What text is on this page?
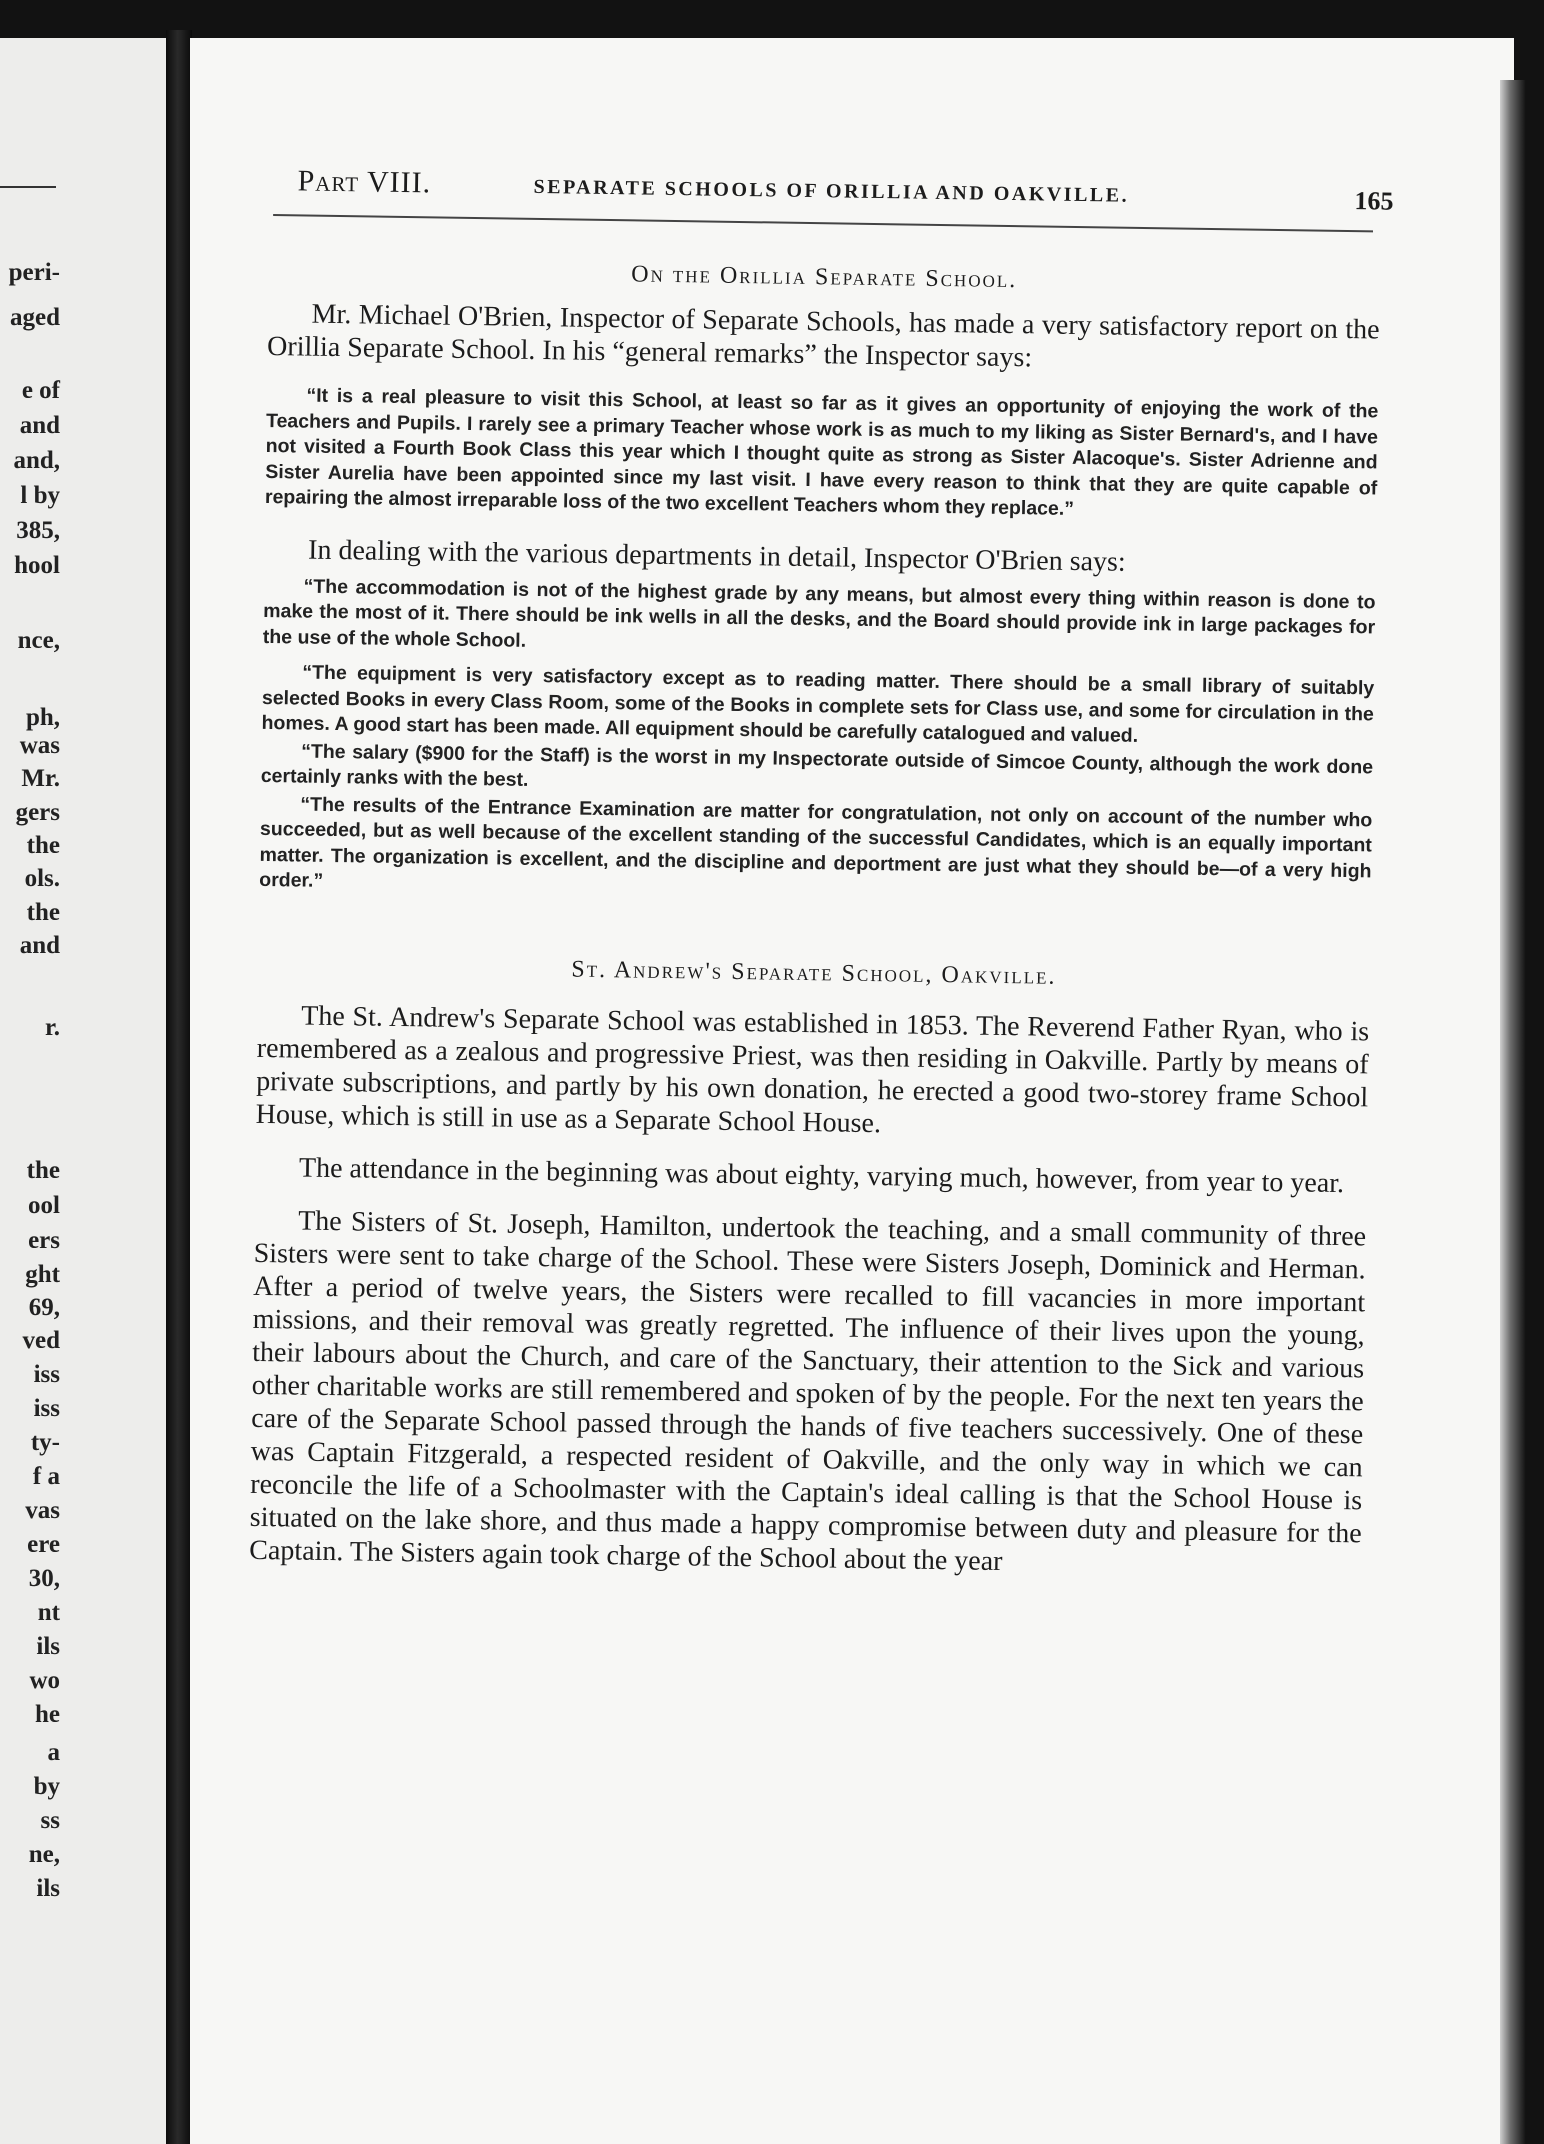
peri-
aged
e of
and
and,
l by
385,
hool
nce,
ph,
was
Mr.
gers
the
ols.
the
and
r.
the
ool
ers
ght
69,
ved
iss
iss
ty-
f a
vas
ere
30,
nt
ils
wo
he
a
by
ss
ne,
ils
Part VIII.	SEPARATE SCHOOLS OF ORILLIA AND OAKVILLE.	165
On the Orillia Separate School.

Mr. Michael O'Brien, Inspector of Separate Schools, has made a very satisfactory report on the Orillia Separate School. In his “general remarks” the Inspector says:

“It is a real pleasure to visit this School, at least so far as it gives an opportunity of enjoying the work of the Teachers and Pupils. I rarely see a primary Teacher whose work is as much to my liking as Sister Bernard's, and I have not visited a Fourth Book Class this year which I thought quite as strong as Sister Alacoque's. Sister Adrienne and Sister Aurelia have been appointed since my last visit. I have every reason to think that they are quite capable of repairing the almost irreparable loss of the two excellent Teachers whom they replace.”

In dealing with the various departments in detail, Inspector O'Brien says:

“The accommodation is not of the highest grade by any means, but almost every thing within reason is done to make the most of it. There should be ink wells in all the desks, and the Board should provide ink in large packages for the use of the whole School.

“The equipment is very satisfactory except as to reading matter. There should be a small library of suitably selected Books in every Class Room, some of the Books in complete sets for Class use, and some for circulation in the homes. A good start has been made. All equipment should be carefully catalogued and valued.

“The salary ($900 for the Staff) is the worst in my Inspectorate outside of Simcoe County, although the work done certainly ranks with the best.

“The results of the Entrance Examination are matter for congratulation, not only on account of the number who succeeded, but as well because of the excellent standing of the successful Candidates, which is an equally important matter. The organization is excellent, and the discipline and deportment are just what they should be—of a very high order.”

St. Andrew's Separate School, Oakville.

The St. Andrew's Separate School was established in 1853. The Reverend Father Ryan, who is remembered as a zealous and progressive Priest, was then residing in Oakville. Partly by means of private subscriptions, and partly by his own donation, he erected a good two-storey frame School House, which is still in use as a Separate School House.

The attendance in the beginning was about eighty, varying much, however, from year to year.

The Sisters of St. Joseph, Hamilton, undertook the teaching, and a small community of three Sisters were sent to take charge of the School. These were Sisters Joseph, Dominick and Herman. After a period of twelve years, the Sisters were recalled to fill vacancies in more important missions, and their removal was greatly regretted. The influence of their lives upon the young, their labours about the Church, and care of the Sanctuary, their attention to the Sick and various other charitable works are still remembered and spoken of by the people. For the next ten years the care of the Separate School passed through the hands of five teachers successively. One of these was Captain Fitzgerald, a respected resident of Oakville, and the only way in which we can reconcile the life of a Schoolmaster with the Captain's ideal calling is that the School House is situated on the lake shore, and thus made a happy compromise between duty and pleasure for the Captain. The Sisters again took charge of the School about the year
